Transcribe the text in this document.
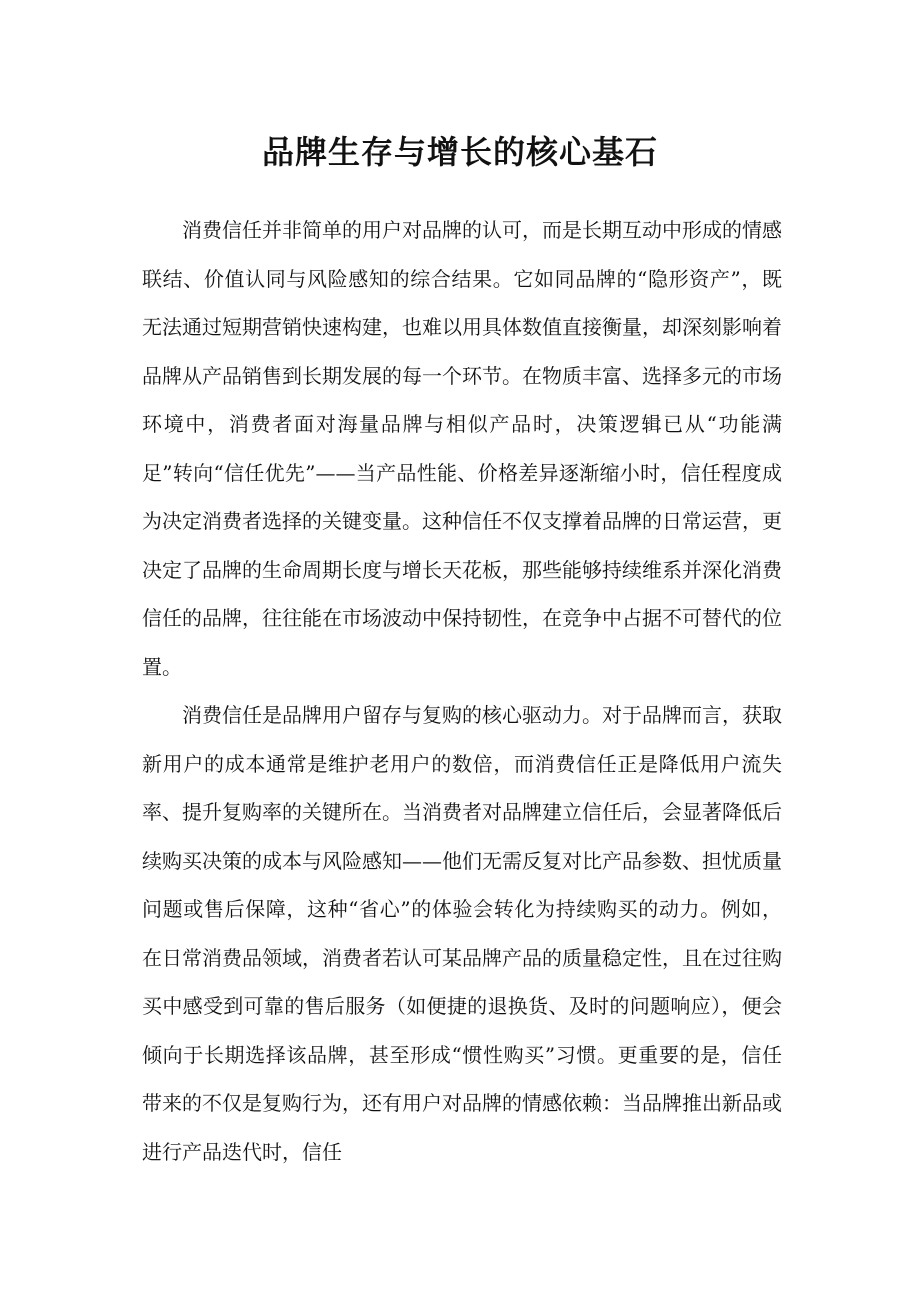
品牌生存与增长的核心基石

消费信任并非简单的用户对品牌的认可，而是长期互动中形成的情感联结、价值认同与风险感知的综合结果。它如同品牌的“隐形资产”，既无法通过短期营销快速构建，也难以用具体数值直接衡量，却深刻影响着品牌从产品销售到长期发展的每一个环节。在物质丰富、选择多元的市场环境中，消费者面对海量品牌与相似产品时，决策逻辑已从“功能满足”转向“信任优先”——当产品性能、价格差异逐渐缩小时，信任程度成为决定消费者选择的关键变量。这种信任不仅支撑着品牌的日常运营，更决定了品牌的生命周期长度与增长天花板，那些能够持续维系并深化消费信任的品牌，往往能在市场波动中保持韧性，在竞争中占据不可替代的位置。

消费信任是品牌用户留存与复购的核心驱动力。对于品牌而言，获取新用户的成本通常是维护老用户的数倍，而消费信任正是降低用户流失率、提升复购率的关键所在。当消费者对品牌建立信任后，会显著降低后续购买决策的成本与风险感知——他们无需反复对比产品参数、担忧质量问题或售后保障，这种“省心”的体验会转化为持续购买的动力。例如，在日常消费品领域，消费者若认可某品牌产品的质量稳定性，且在过往购买中感受到可靠的售后服务（如便捷的退换货、及时的问题响应），便会倾向于长期选择该品牌，甚至形成“惯性购买”习惯。更重要的是，信任带来的不仅是复购行为，还有用户对品牌的情感依赖：当品牌推出新品或进行产品迭代时，信任
